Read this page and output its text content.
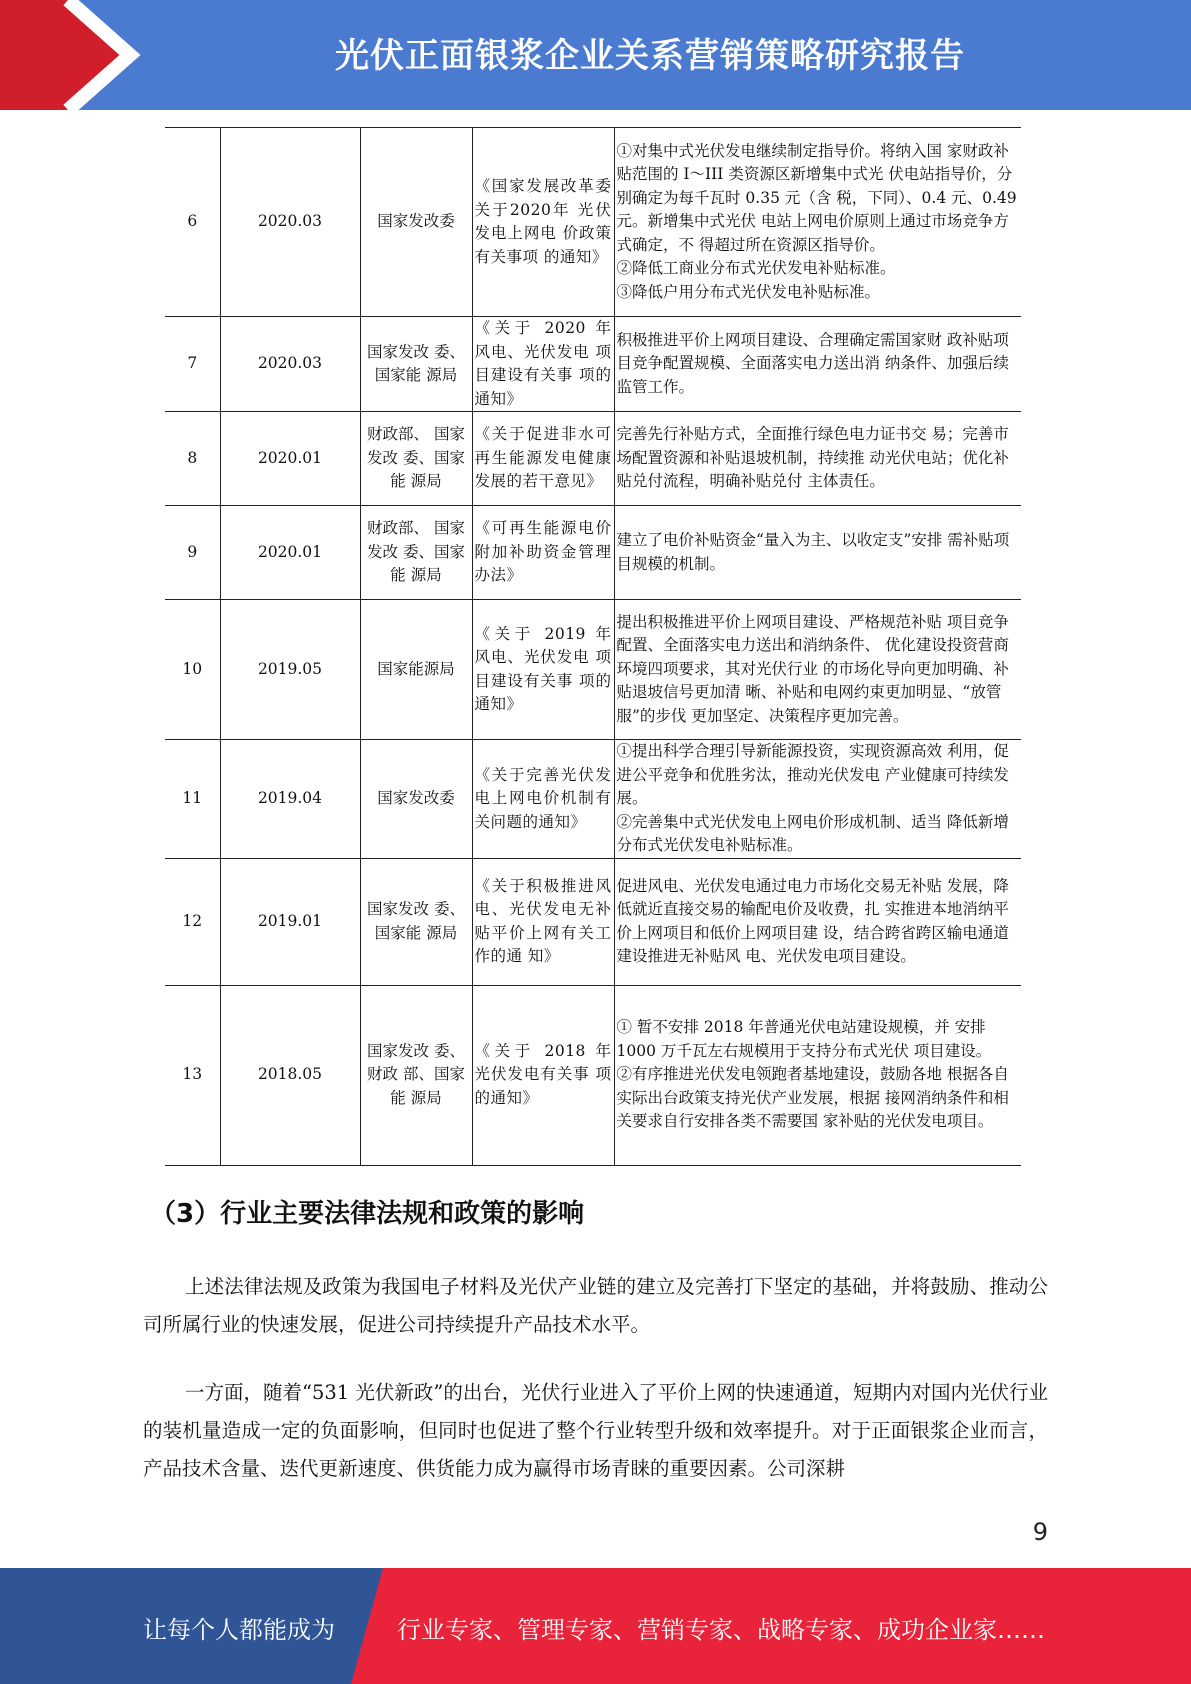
光伏正面银浆企业关系营销策略研究报告
6	2020.03	国家发改委	《国家发展改革委关于2020年 光伏发电上网电 价政策有关事项 的通知》	①对集中式光伏发电继续制定指导价。将纳入国 家财政补贴范围的 I～III 类资源区新增集中式光 伏电站指导价，分别确定为每千瓦时 0.35 元（含 税，下同）、0.4 元、0.49 元。新增集中式光伏 电站上网电价原则上通过市场竞争方式确定，不 得超过所在资源区指导价。
②降低工商业分布式光伏发电补贴标准。
③降低户用分布式光伏发电补贴标准。

7	2020.03	国家发改 委、国家能 源局	《关于 2020 年 风电、光伏发电 项目建设有关事 项的通知》	积极推进平价上网项目建设、合理确定需国家财 政补贴项目竞争配置规模、全面落实电力送出消 纳条件、加强后续监管工作。

8	2020.01	财政部、 国家发改 委、国家能 源局	《关于促进非水可再生能源发电健康发展的若干意见》	完善先行补贴方式，全面推行绿色电力证书交 易；完善市场配置资源和补贴退坡机制，持续推 动光伏电站；优化补贴兑付流程，明确补贴兑付 主体责任。

9	2020.01	财政部、 国家发改 委、国家能 源局	《可再生能源电价附加补助资金管理办法》	建立了电价补贴资金“量入为主、以收定支”安排 需补贴项目规模的机制。

10	2019.05	国家能源局	《关于 2019 年 风电、光伏发电 项目建设有关事 项的通知》	提出积极推进平价上网项目建设、严格规范补贴 项目竞争配置、全面落实电力送出和消纳条件、 优化建设投资营商环境四项要求，其对光伏行业 的市场化导向更加明确、补贴退坡信号更加清 晰、补贴和电网约束更加明显、“放管服”的步伐 更加坚定、决策程序更加完善。

11	2019.04	国家发改委	《关于完善光伏发电上网电价机制有关问题的通知》	①提出科学合理引导新能源投资，实现资源高效 利用，促进公平竞争和优胜劣汰，推动光伏发电 产业健康可持续发展。
②完善集中式光伏发电上网电价形成机制、适当 降低新增分布式光伏发电补贴标准。

12	2019.01	国家发改 委、国家能 源局	《关于积极推进风电、光伏发电无补贴平价上网有关工作的通 知》	促进风电、光伏发电通过电力市场化交易无补贴 发展，降低就近直接交易的输配电价及收费，扎 实推进本地消纳平价上网项目和低价上网项目建 设，结合跨省跨区输电通道建设推进无补贴风 电、光伏发电项目建设。

13	2018.05	国家发改 委、财政 部、国家能 源局	《关于 2018 年 光伏发电有关事 项的通知》	① 暂不安排 2018 年普通光伏电站建设规模，并 安排 1000 万千瓦左右规模用于支持分布式光伏 项目建设。
②有序推进光伏发电领跑者基地建设，鼓励各地 根据各自实际出台政策支持光伏产业发展，根据 接网消纳条件和相关要求自行安排各类不需要国 家补贴的光伏发电项目。
（3）行业主要法律法规和政策的影响

上述法律法规及政策为我国电子材料及光伏产业链的建立及完善打下坚定的基础，并将鼓励、推动公司所属行业的快速发展，促进公司持续提升产品技术水平。

一方面，随着“531 光伏新政”的出台，光伏行业进入了平价上网的快速通道，短期内对国内光伏行业的装机量造成一定的负面影响，但同时也促进了整个行业转型升级和效率提升。对于正面银浆企业而言，产品技术含量、迭代更新速度、供货能力成为赢得市场青睐的重要因素。公司深耕

9
让每个人都能成为	行业专家、管理专家、营销专家、战略专家、成功企业家……
